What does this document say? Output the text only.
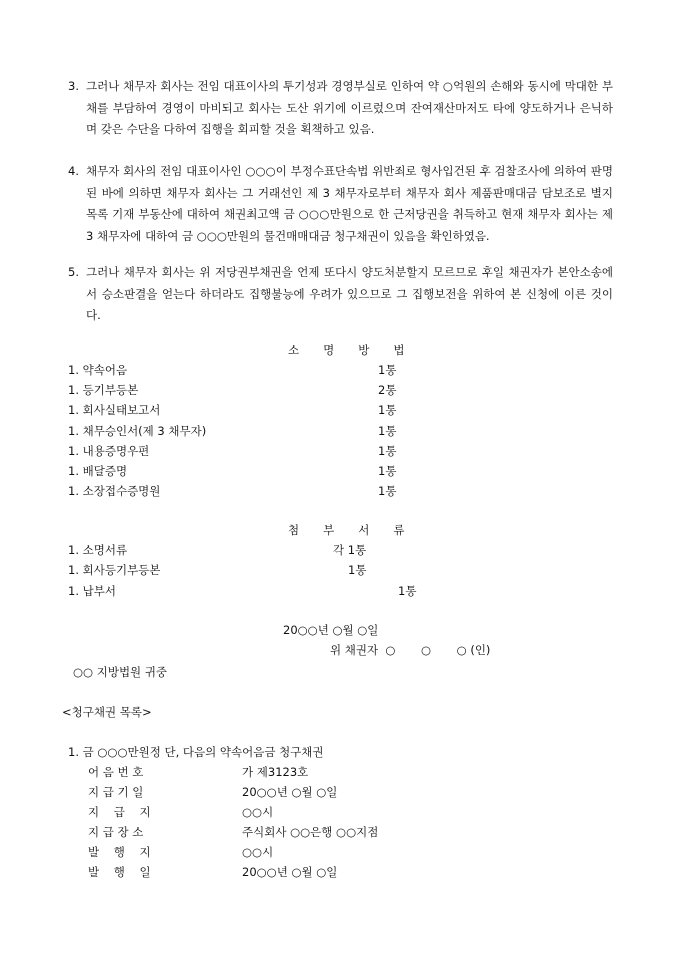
3. 그러나 채무자 회사는 전임 대표이사의 투기성과 경영부실로 인하여 약 ○억원의 손해와 동시에 막대한 부채를 부담하여 경영이 마비되고 회사는 도산 위기에 이르렀으며 잔여재산마저도 타에 양도하거나 은닉하며 갖은 수단을 다하여 집행을 회피할 것을 획책하고 있음.
4. 채무자 회사의 전임 대표이사인 ○○○이 부정수표단속법 위반죄로 형사입건된 후 검찰조사에 의하여 판명된 바에 의하면 채무자 회사는 그 거래선인 제 3 채무자로부터 채무자 회사 제품판매대금 담보조로 별지 목록 기재 부동산에 대하여 채권최고액 금 ○○○만원으로 한 근저당권을 취득하고 현재 채무자 회사는 제 3 채무자에 대하여 금 ○○○만원의 물건매매대금 청구채권이 있음을 확인하였음.
5. 그러나 채무자 회사는 위 저당권부채권을 언제 또다시 양도처분할지 모르므로 후일 채권자가 본안소송에서 승소판결을 얻는다 하더라도 집행불능에 우려가 있으므로 그 집행보전을 위하여 본 신청에 이른 것이다.
소 명 방 법
1. 약속어음	1통
1. 등기부등본	2통
1. 회사실태보고서	1통
1. 채무승인서(제 3 채무자)	1통
1. 내용증명우편	1통
1. 배달증명	1통
1. 소장접수증명원	1통
첨 부 서 류
1. 소명서류	각 1통
1. 회사등기부등본	1통
1. 납부서	1통
20○○년 ○월 ○일
위 채권자  ○       ○       ○ (인)
○○ 지방법원 귀중
<청구채권 목록>
1. 금 ○○○만원정 단, 다음의 약속어음금 청구채권
어 음 번 호	가 제3123호
지 급 기 일	20○○년 ○월 ○일
지    급    지	○○시
지 급 장 소	주식회사 ○○은행 ○○지점
발    행    지	○○시
발    행    일	20○○년 ○월 ○일
